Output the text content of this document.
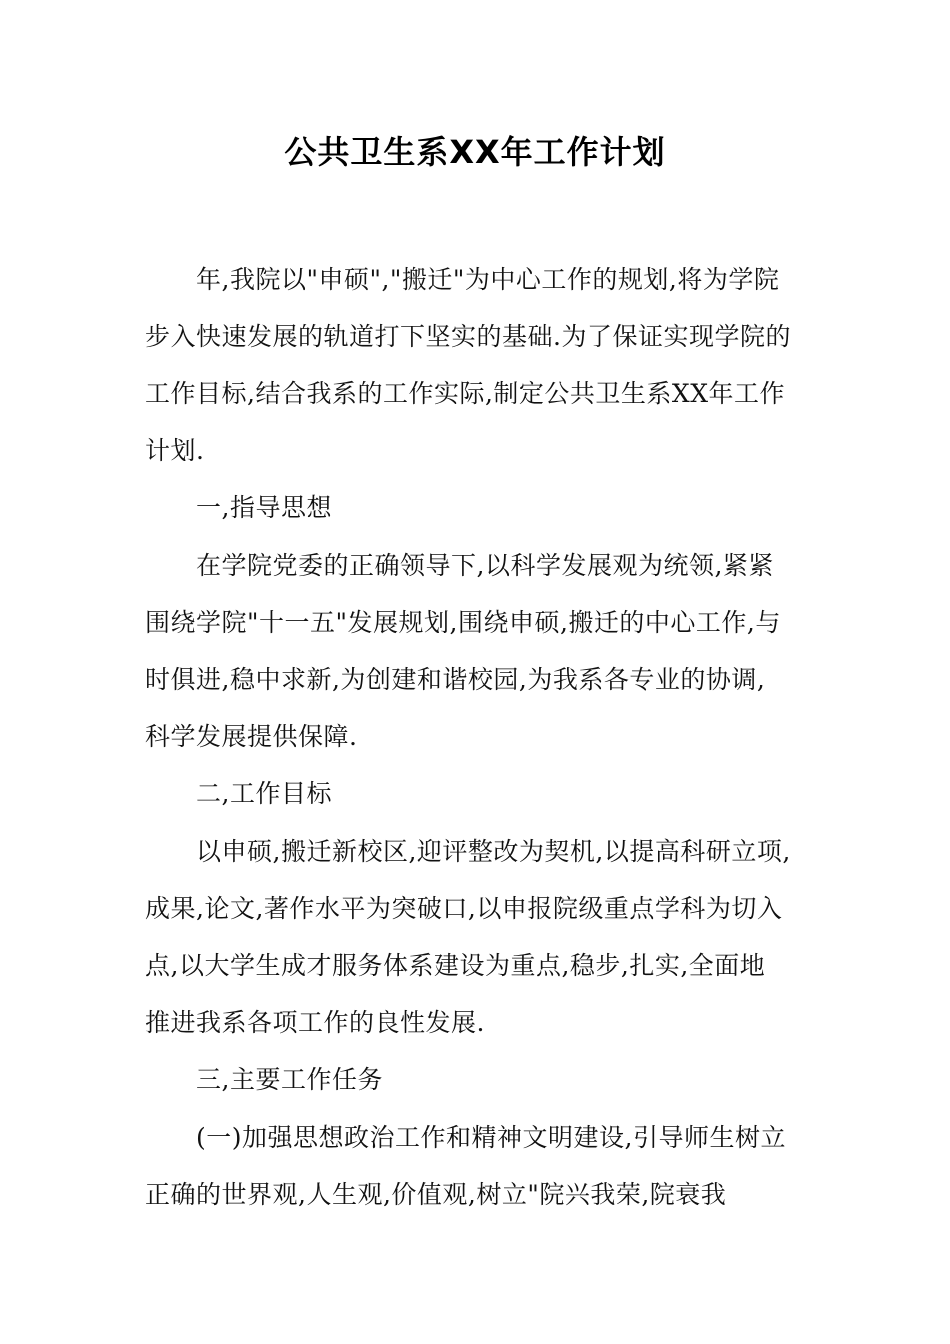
公共卫生系XX年工作计划
年,我院以"申硕","搬迁"为中心工作的规划,将为学院
步入快速发展的轨道打下坚实的基础.为了保证实现学院的
工作目标,结合我系的工作实际,制定公共卫生系XX年工作
计划.
一,指导思想
在学院党委的正确领导下,以科学发展观为统领,紧紧
围绕学院"十一五"发展规划,围绕申硕,搬迁的中心工作,与
时俱进,稳中求新,为创建和谐校园,为我系各专业的协调,
科学发展提供保障.
二,工作目标
以申硕,搬迁新校区,迎评整改为契机,以提高科研立项,
成果,论文,著作水平为突破口,以申报院级重点学科为切入
点,以大学生成才服务体系建设为重点,稳步,扎实,全面地
推进我系各项工作的良性发展.
三,主要工作任务
(一)加强思想政治工作和精神文明建设,引导师生树立
正确的世界观,人生观,价值观,树立"院兴我荣,院衰我
